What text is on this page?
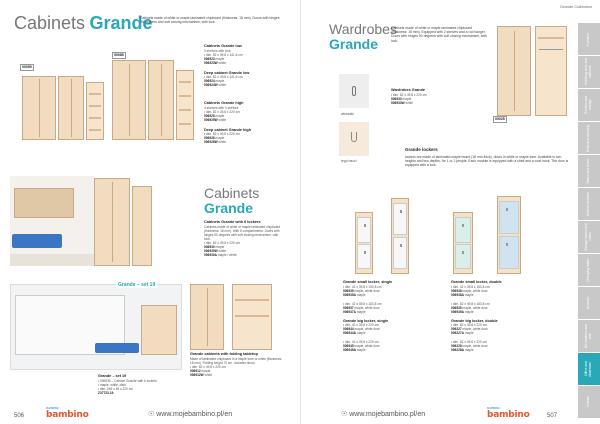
Cabinets Grande
Cabinets made of white or maple laminated chipboard (thickness: 18 mm). Doors with hinges 90 degrees and soft closing mechanism, with lock.
00059
00085
Cabinets Grande low
3 shelves with lock
• dim. 82 x 39,8 x 141,6 cm
006923 maple
006923W white
Deep cabinet Grande low
• dim. 82 x 49,8 x 141,6 cm
006924 maple
006924W white
Cabinets Grande high
4 shelves with 4 shelves
• dim. 82 x 39,8 x 220 cm
006925 maple
006925W white
Deep cabinet Grande high
• dim. 82 x 49,8 x 220 cm
006926 maple
006926W white
Cabinets
Grande
Cabinets Grande with 6 lockers
Cabinets made of white or maple laminated chipboard (thickness: 18 mm). With 6 compartments. Doors with hinges 90 degrees with soft closing mechanism, with lock.
• dim. 82 x 49,8 x 220 cm
006930 maple
006930W white
006930A maple / white
Grande – set 19
Grande – set 19
• 006930 – Cabinet Grande with 6 lockers
• maple, white, dark
• dim. 248 x 48 x 220 cm
Z37723-19
Grande cabinets with folding tabletop
Made of laminated chipboard in a maple tone or white (thickness: 18 mm). Folding height 70 cm. Includes doors.
• dim. 82 x 49,8 x 220 cm
006912 maple
006912W white
506
BAMBINO
bambino	☉ www.mojebambino.pl/en
Grande Collection
Wardrobes
Grande
Cabinets made of white or maple laminated chipboard (thickness: 18 mm). Equipped with 2 shelves and a rod hanger. Doors with hinges 90 degrees with soft closing mechanism, with lock.
wieszaki
tego haczi
Wardrobes Grande
• dim. 82 x 49,8 x 220 cm
006933 maple
006933W white
00025
Grande lockers
lockers are made of laminated maple board (18 mm thick), doors in white or maple tone. Available in two heights and two depths, for 1 or 2 people. Each module is equipped with a shelf and a coat hook. The door is equipped with a lock.
Grande small locker, single
• dim. 42 x 39,8 x 150,8 cm
006935 maple, white door
006935A maple
• dim. 42 x 49,8 x 183,8 cm
006937 maple, white door
006937A maple
Grande big locker, single
• dim. 42 x 39,8 x 220 cm
006944 maple, white door
006944A maple
• dim. 42 x 49,8 x 220 cm
006945 maple, white door
006945A maple
Grande small locker, double
• dim. 42 x 39,8 x 183,8 cm
006938 maple, white door
006938A maple
• dim. 82 x 49,8 x 183,8 cm
006939 maple, white door
006939A maple
Grande big locker, double
• dim. 82 x 39,8 x 220 cm
006227 maple, white door
006227A maple
• dim. 82 x 49,8 x 220 cm
006228 maple, white door
006228A maple
Furniture
Shelving units and cabinets
Shelves and storage
Beds and sleeping
Tables and chairs
Kitchen furniture
Storage boxes and crates
Changing tables
Acoustic
Decorations and wall
Office and cloakroom
Grande
☉ www.mojebambino.pl/en
BAMBINO
bambino	507
